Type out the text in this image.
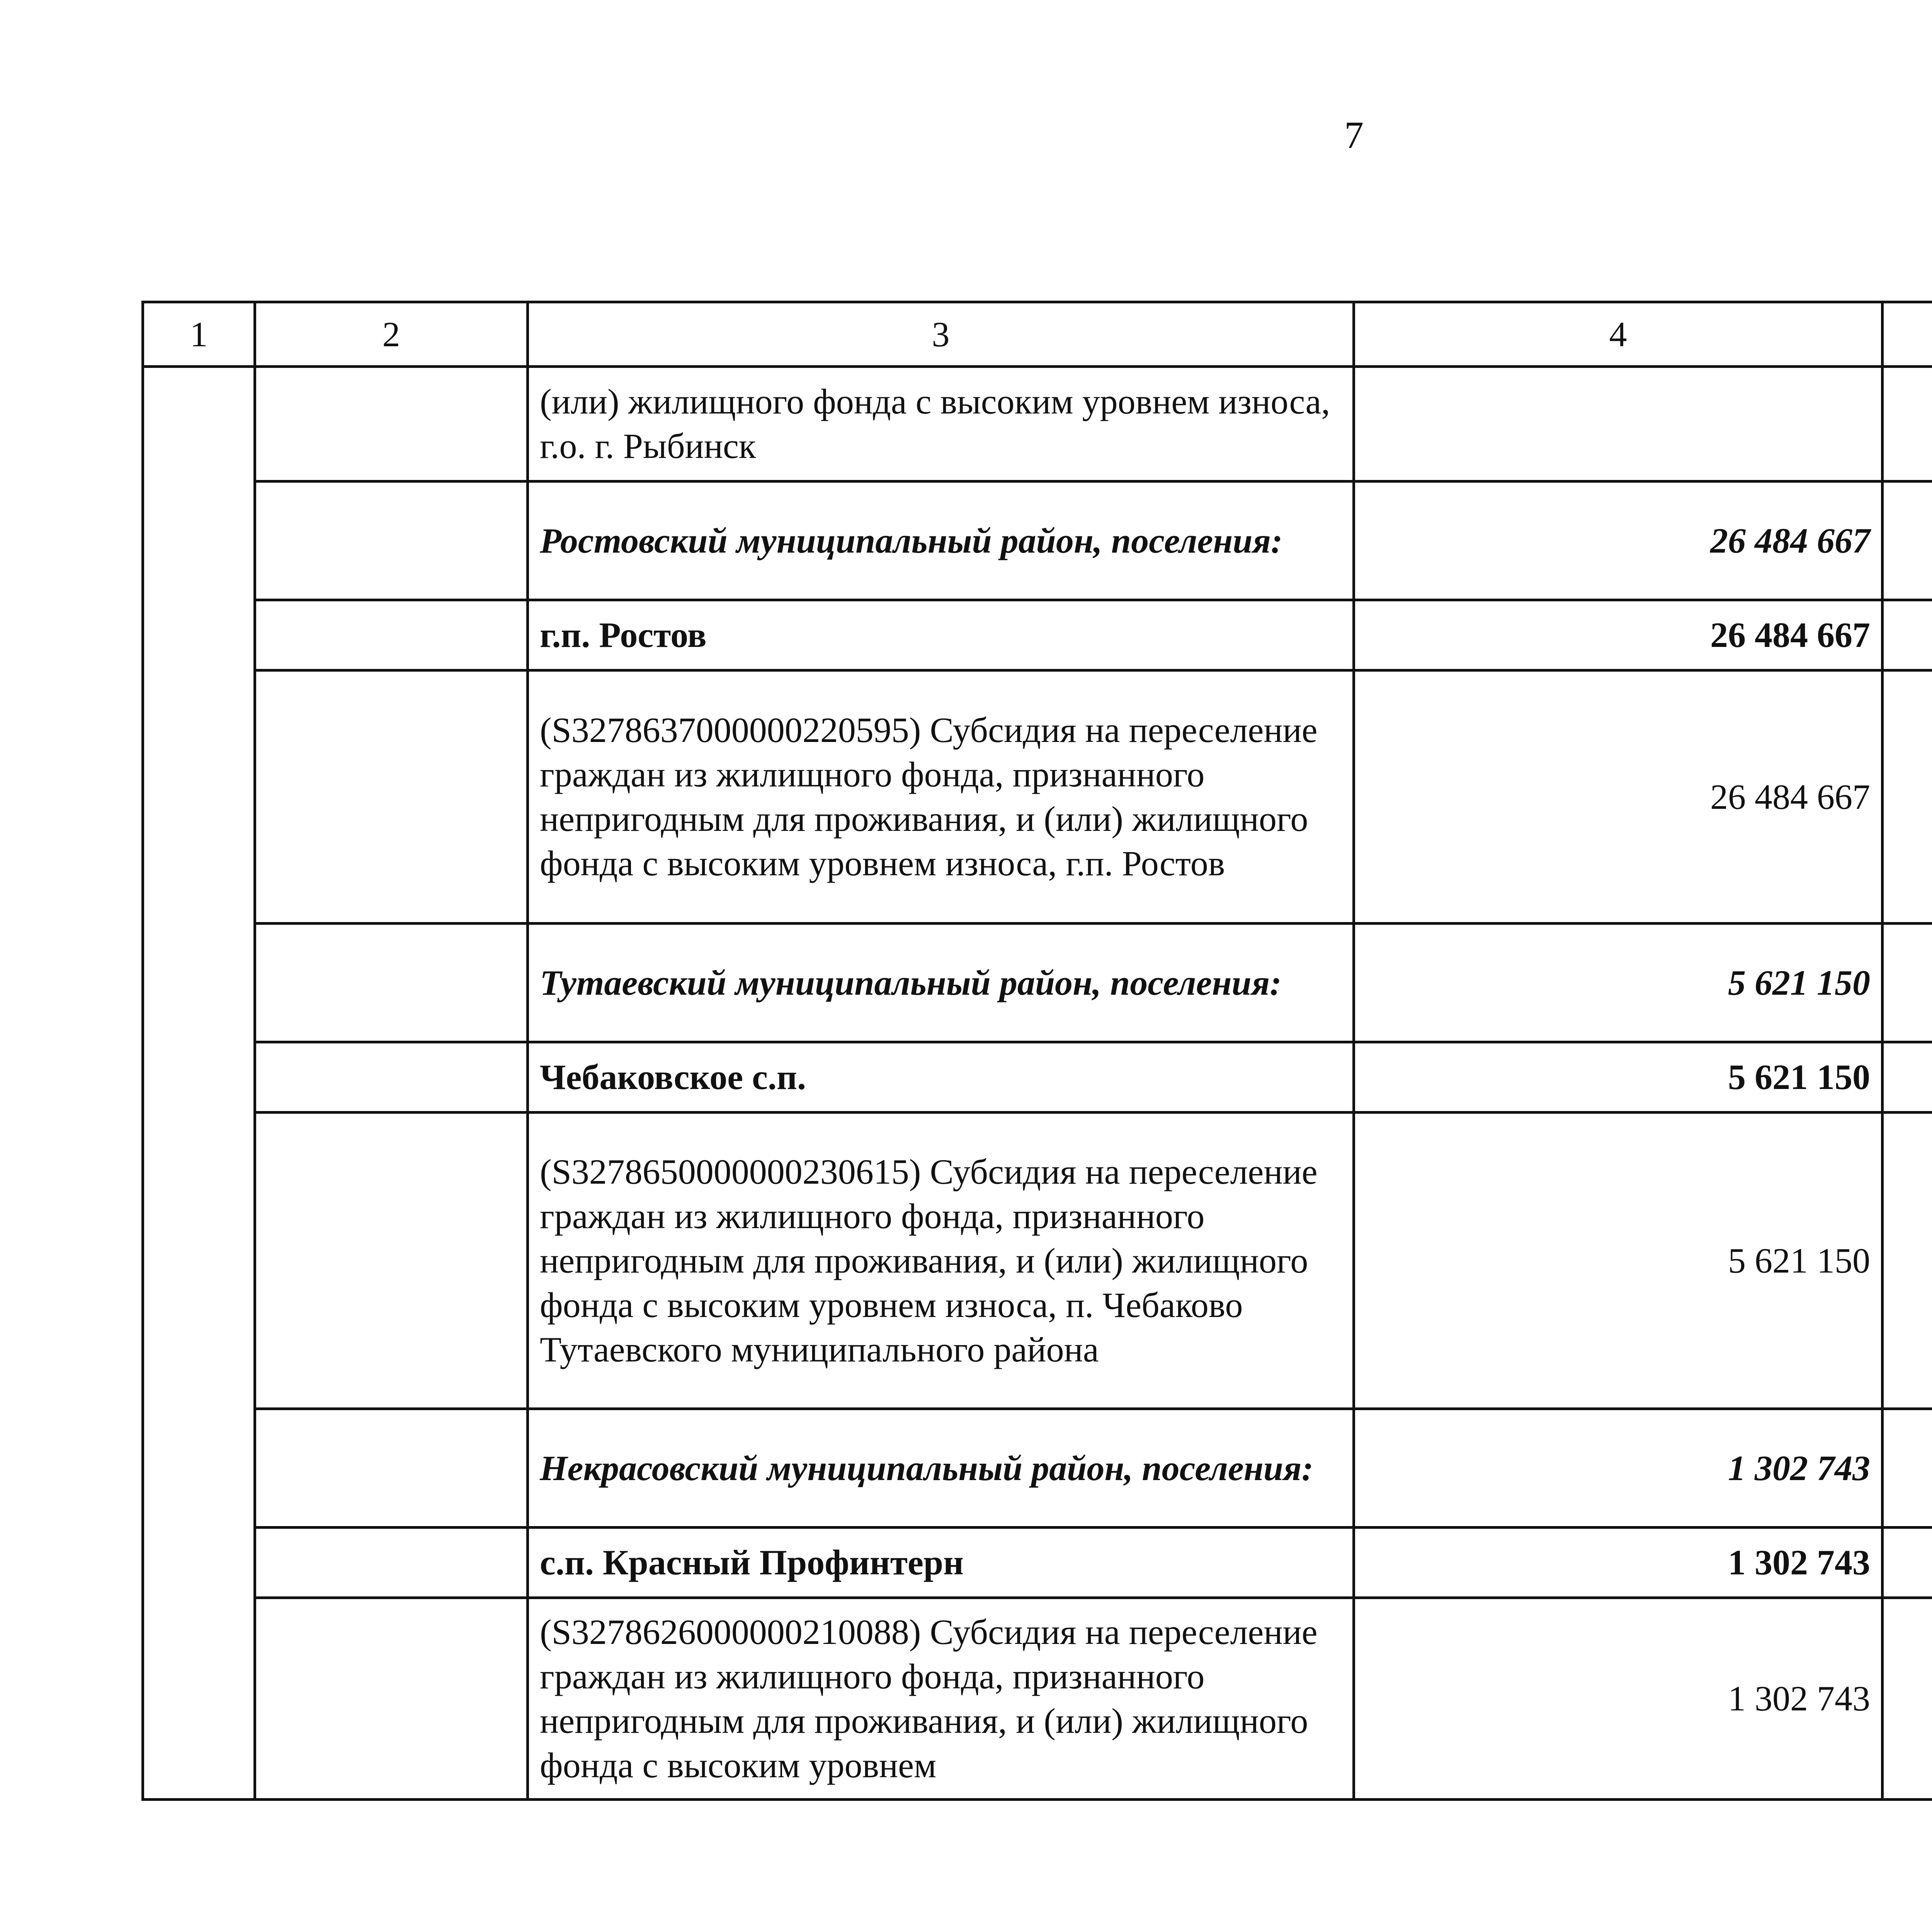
7
1	2	3	4			
		(или) жилищного фонда с высоким уровнем износа, г.о. г. Рыбинск				
		Ростовский муниципальный район, поселения:	26 484 667			
		г.п. Ростов	26 484 667			
		(S327863700000022059​5) Субсидия на переселение граждан из жилищного фонда, признанного непригодным для проживания, и (или) жилищного фонда с высоким уровнем износа, г.п. Ростов	26 484 667			
		Тутаевский муниципальный район, поселения:	5 621 150			
		Чебаковское с.п.	5 621 150			
		(S327865000000023061​5) Субсидия на переселение граждан из жилищного фонда, признанного непригодным для проживания, и (или) жилищного фонда с высоким уровнем износа, п. Чебаково Тутаевского муниципального района	5 621 150			
		Некрасовский муниципальный район, поселения:	1 302 743			
		с.п. Красный Профинтерн	1 302 743			
		(S327862600000021008​8) Субсидия на переселение граждан из жилищного фонда, признанного непригодным для проживания, и (или) жилищного фонда с высоким уровнем	1 302 743			
